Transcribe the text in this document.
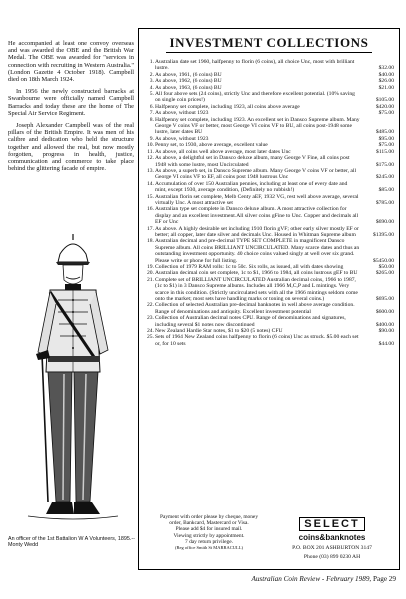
He accompanied at least one convoy overseas and was awarded the OBE and the British War Medal. The OBE was awarded for "services in connection with recruiting in Western Australia." (London Gazette 4 October 1918). Campbell died on 18th March 1924.

In 1956 the newly constructed barracks at Swanbourne were officially named Campbell Barracks and today these are the home of The Special Air Service Regiment.

Joseph Alexander Campbell was of the real pillars of the British Empire. It was men of his calibre and dedication who held the structure together and allowed the real, but now mostly forgotten, progress in health, justice, communication and commerce to take place behind the glittering facade of empire.

An officer of the 1st Battalion W A Volunteers, 1895.--Monty Wedd
INVESTMENT COLLECTIONS
1. Australian date set 1960, halfpenny to florin (6 coins), all choice Unc, most with brilliant lustre.	$32.00
2. As above, 1961, (6 coins) BU	$40.00
3. As above, 1962, (6 coins) BU	$26.00
4. As above, 1963, (6 coins) BU	$21.00
5. All four above sets (24 coins), strictly Unc and therefore excellent potential. (10% saving on single coin prices!)	$105.00
6. Halfpenny set complete, including 1923, all coins above average	$420.00
7. As above, without 1923	$75.00
8. Halfpenny set complete, including 1923. An excellent set in Dansco Supreme album. Many George V coins VF or better, most George VI coins VF to BU, all coins post-1948 some lustre, later dates BU	$485.00
9. As above, without 1923	$95.00
10. Penny set, to 1930, above average, excellent value	$75.00
11. As above, all coins well above average, most later dates Unc	$115.00
12. As above, a delightful set in Dansco deluxe album, many George V Fine, all coins post 1948 with some lustre, most Uncirculated	$175.00
13. As above, a superb set, in Dansco Supreme album. Many George V coins VF or better, all George VI coins VF to EF, all coins post 1948 lustrous Unc	$245.00
14. Accumulation of over 150 Australian pennies, including at least one of every date and mint, except 1930, average condition, (Definitely no rubbish!)	$85.00
15. Australian florin set complete, Melb Centy aEF, 1932 VG, rest well above average, several virtually Unc. A most attractive set	$785.00
16. Australian type set complete in Dansco deluxe album. A most attractive collection for display and an excellent investment.All silver coins gFine to Unc. Copper and decimals all EF or Unc	$690.00
17. As above. A highly desirable set including 1910 florin gVF; other early silver mostly EF or better; all copper, later date silver and decimals Unc. Housed in Whitman Supreme album	$1395.00
18. Australian decimal and pre-decimal TYPE SET COMPLETE in magnificent Dansco Supreme album. All coins BRILLIANT UNCIRCULATED. Many scarce dates and thus an outstanding investment opportunity. 40 choice coins valued singly at well over six grand. Please write or phone for full listing.	$5450.00
19. Collection of 1979 RAM rolls: 1c to 50c. Six rolls, as issued, all with dates showing	$50.00
20. Australian decimal coin set complete, 1c to $1, 1966 to 1984, all coins lustrous gEF to BU	$265.00
21. Complete set of BRILLIANT UNCIRCULATED Australian decimal coins, 1966 to 1987, (1c to $1) in 3 Dansco Supreme albums. Includes all 1966 M,C,P and L mintings. Very scarce in this condition. (Strictly uncirculated sets with all the 1966 mintings seldom come onto the market; most sets have handling marks or toning on several coins.)	$695.00
22. Collection of selected Australian pre-decimal banknotes in well above average condition. Range of denominations and antiquity. Excellent investment potential	$600.00
23. Collection of Australian decimal notes CPU. Range of denominations and signatures, including several $1 notes now discontinued	$400.00
24. New Zealand Hardie Star notes, $1 to $20 (5 notes) CFU	$90.00
25. Sets of 1964 New Zealand coins halfpenny to florin (6 coins) Unc as struck. $5.00 each set or, for 10 sets	$44.00
Payment with order please by cheque, money order, Bankcard, Mastercard or Visa.
Please add $4 for insured mail.
Viewing strictly by appointment.
7 day return privilege.
(Reg office Smith St MARRACULL)
SELECT
coins&banknotes
P.O. BOX 201 ASHBURTON 3147
Phone (03) 899 0230 AH
Australian Coin Review - February 1989, Page 29
